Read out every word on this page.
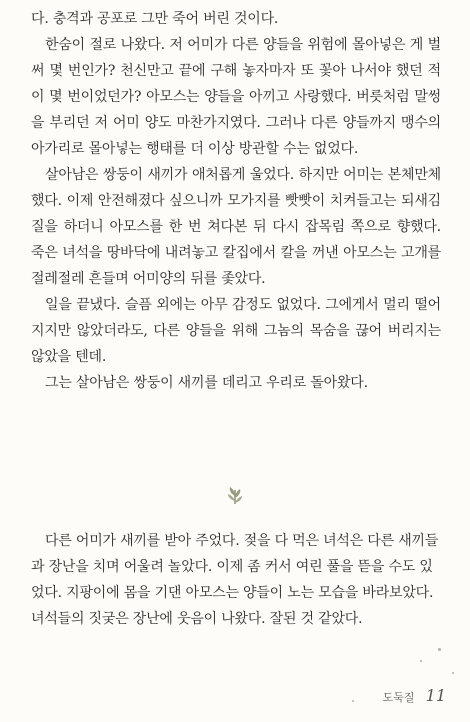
다. 충격과 공포로 그만 죽어 버린 것이다.

한숨이 절로 나왔다. 저 어미가 다른 양들을 위험에 몰아넣은 게 벌써 몇 번인가? 천신만고 끝에 구해 놓자마자 또 꽃아 나서야 했던 적이 몇 번이었던가? 아모스는 양들을 아끼고 사랑했다. 버릇처럼 말썽을 부리던 저 어미 양도 마찬가지였다. 그러나 다른 양들까지 맹수의 아가리로 몰아넣는 행태를 더 이상 방관할 수는 없었다.

살아남은 쌍둥이 새끼가 애처롭게 울었다. 하지만 어미는 본체만체했다. 이제 안전해졌다 싶으니까 모가지를 빳빳이 치켜들고는 되새김질을 하더니 아모스를 한 번 쳐다본 뒤 다시 잡목림 쪽으로 향했다. 죽은 녀석을 땅바닥에 내려놓고 칼집에서 칼을 꺼낸 아모스는 고개를 절레절레 흔들며 어미양의 뒤를 좇았다.

일을 끝냈다. 슬픔 외에는 아무 감정도 없었다. 그에게서 멀리 떨어지지만 않았더라도, 다른 양들을 위해 그놈의 목숨을 끊어 버리지는 않았을 텐데.

그는 살아남은 쌍둥이 새끼를 데리고 우리로 돌아왔다.

다른 어미가 새끼를 받아 주었다. 젖을 다 먹은 녀석은 다른 새끼들과 장난을 치며 어울려 놀았다. 이제 좀 커서 여린 풀을 뜯을 수도 있었다. 지팡이에 몸을 기댄 아모스는 양들이 노는 모습을 바라보았다. 녀석들의 짓궂은 장난에 웃음이 나왔다. 잘된 것 같았다.

도둑질 11
